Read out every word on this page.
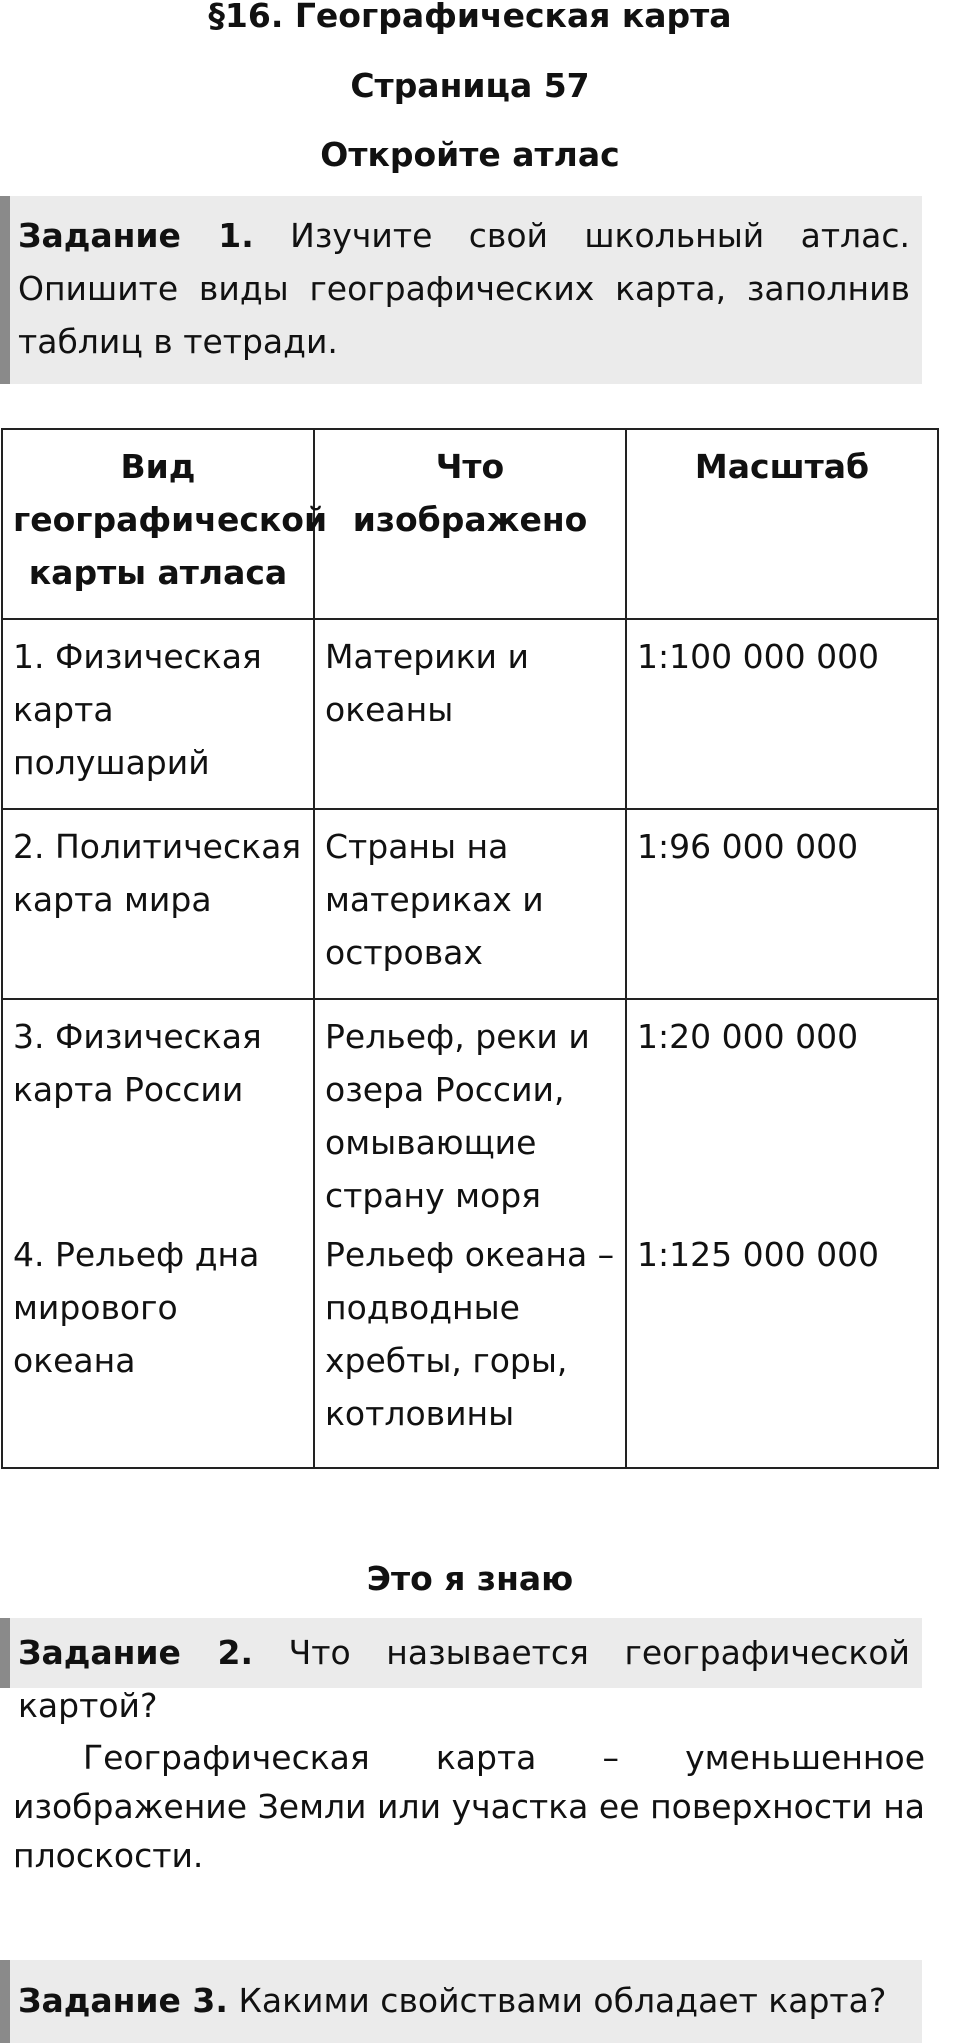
§16. Географическая карта
Страница 57
Откройте атлас
Задание 1. Изучите свой школьный атлас. Опишите виды географических карта, заполнив таблиц в тетради.
Вид географической карты атласа	Что изображено	Масштаб
1. Физическая карта полушарий	Материки и океаны	1:100 000 000
2. Политическая карта мира	Страны на материках и островах	1:96 000 000
3. Физическая карта России	Рельеф, реки и озера России, омывающие страну моря	1:20 000 000
4. Рельеф дна мирового океана	Рельеф океана – подводные хребты, горы, котловины	1:125 000 000
Это я знаю
Задание 2. Что называется географической картой?
Географическая карта – уменьшенное изображение Земли или участка ее поверхности на плоскости.
Задание 3. Какими свойствами обладает карта?
